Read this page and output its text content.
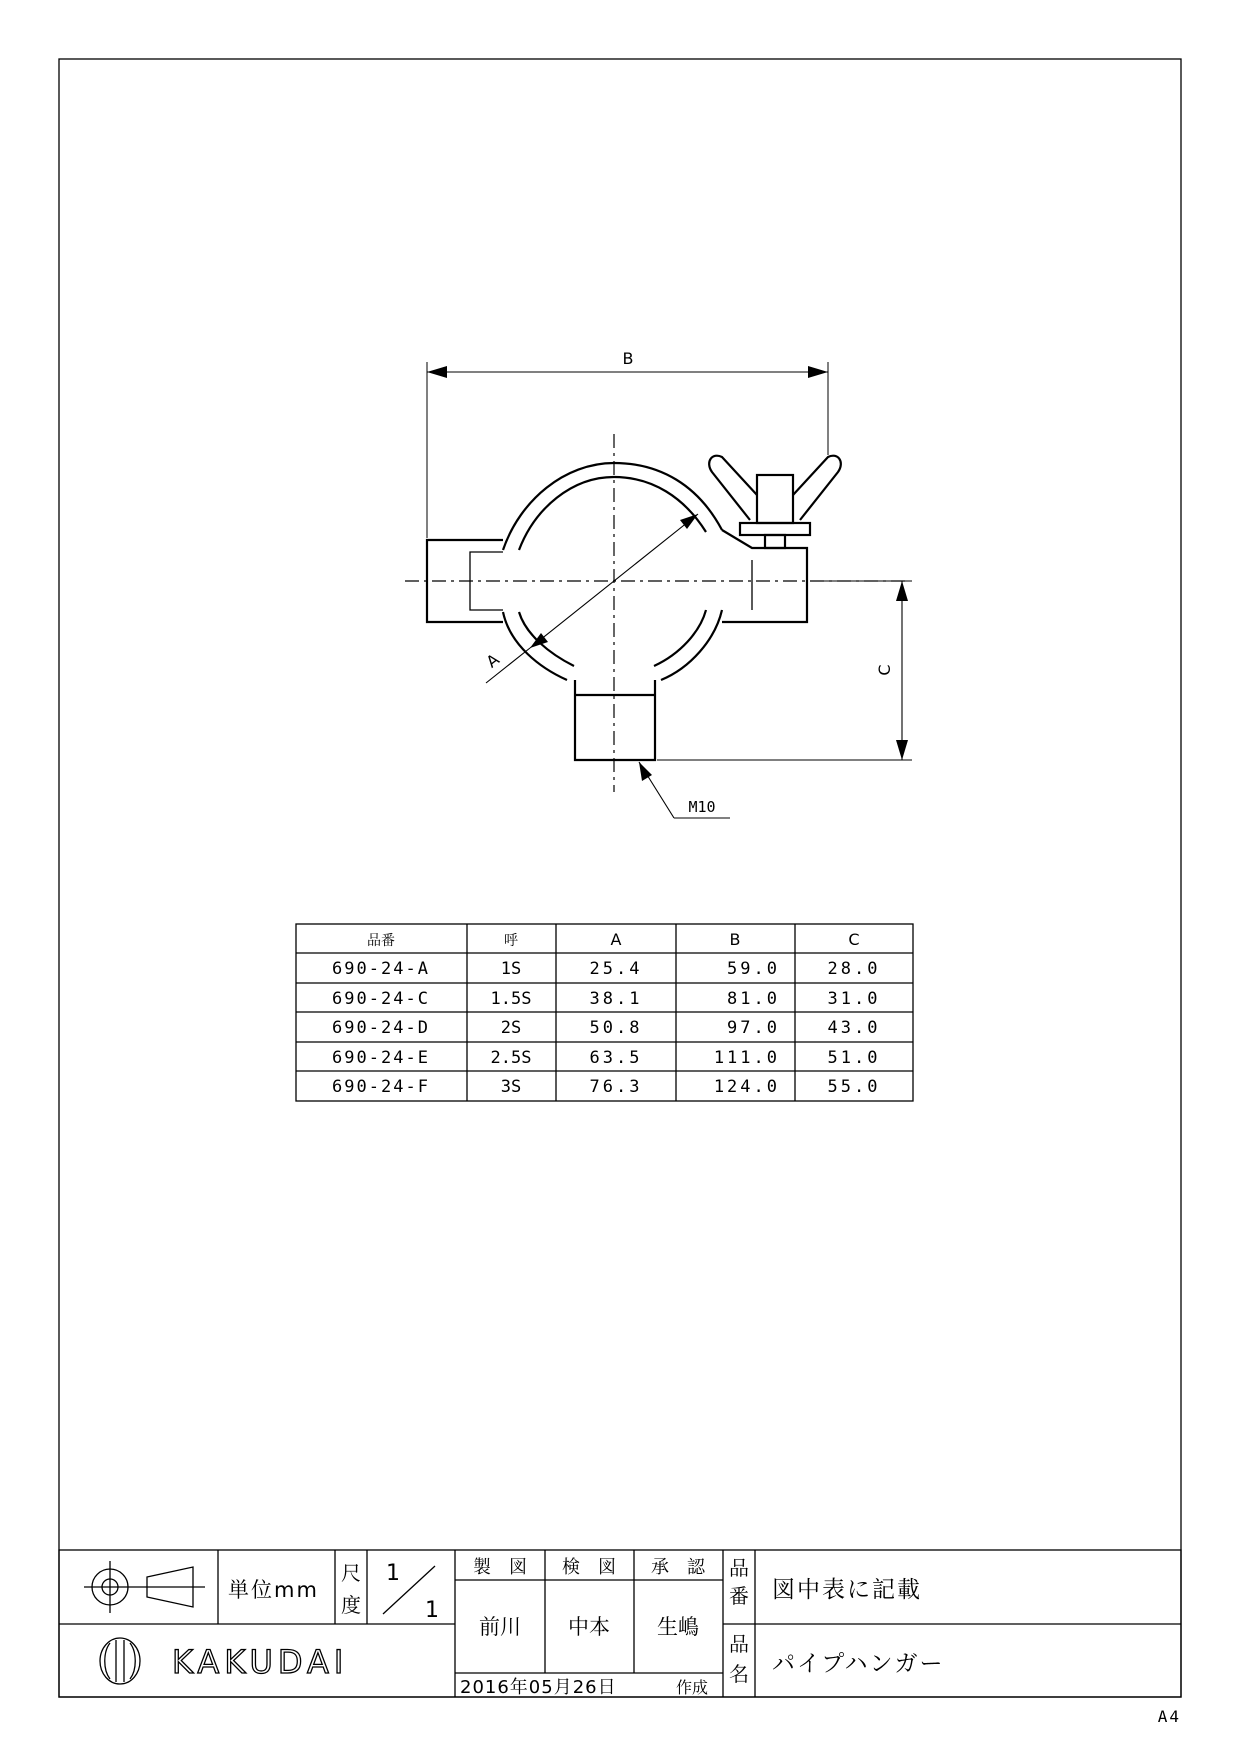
B
A	C
M10
品番	呼	A	B	C
690-24-A	1S	25.4	59.0	28.0
690-24-C	1.5S	38.1	81.0	31.0
690-24-D	2S	50.8	97.0	43.0
690-24-E	2.5S	63.5	111.0	51.0
690-24-F	3S	76.3	124.0	55.0
単位mm
尺
度
1
1
製　図 検　図 承　認
前川 中本 生嶋
2016年05月26日	作成
品
番 図中表に記載
品
名 パイプハンガー
KAKUDAI
A4
